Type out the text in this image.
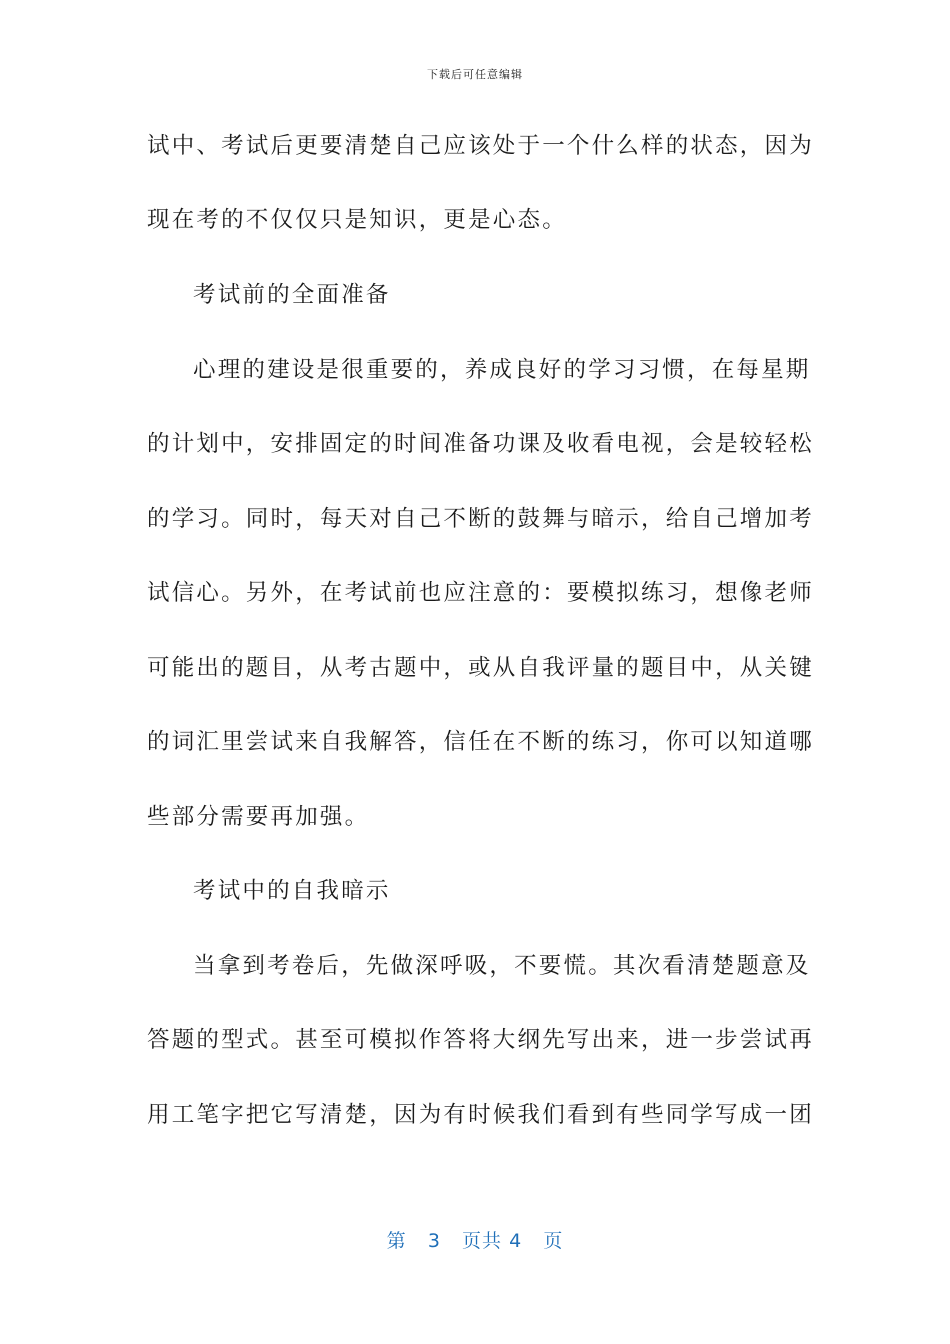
下载后可任意编辑
试中、考试后更要清楚自己应该处于一个什么样的状态，因为
现在考的不仅仅只是知识，更是心态。
考试前的全面准备
心理的建设是很重要的，养成良好的学习习惯，在每星期
的计划中，安排固定的时间准备功课及收看电视，会是较轻松
的学习。同时，每天对自己不断的鼓舞与暗示，给自己增加考
试信心。另外，在考试前也应注意的：要模拟练习，想像老师
可能出的题目，从考古题中，或从自我评量的题目中，从关键
的词汇里尝试来自我解答，信任在不断的练习，你可以知道哪
些部分需要再加强。
考试中的自我暗示
当拿到考卷后，先做深呼吸，不要慌。其次看清楚题意及
答题的型式。甚至可模拟作答将大纲先写出来，进一步尝试再
用工笔字把它写清楚，因为有时候我们看到有些同学写成一团
第 3 页共 4 页
